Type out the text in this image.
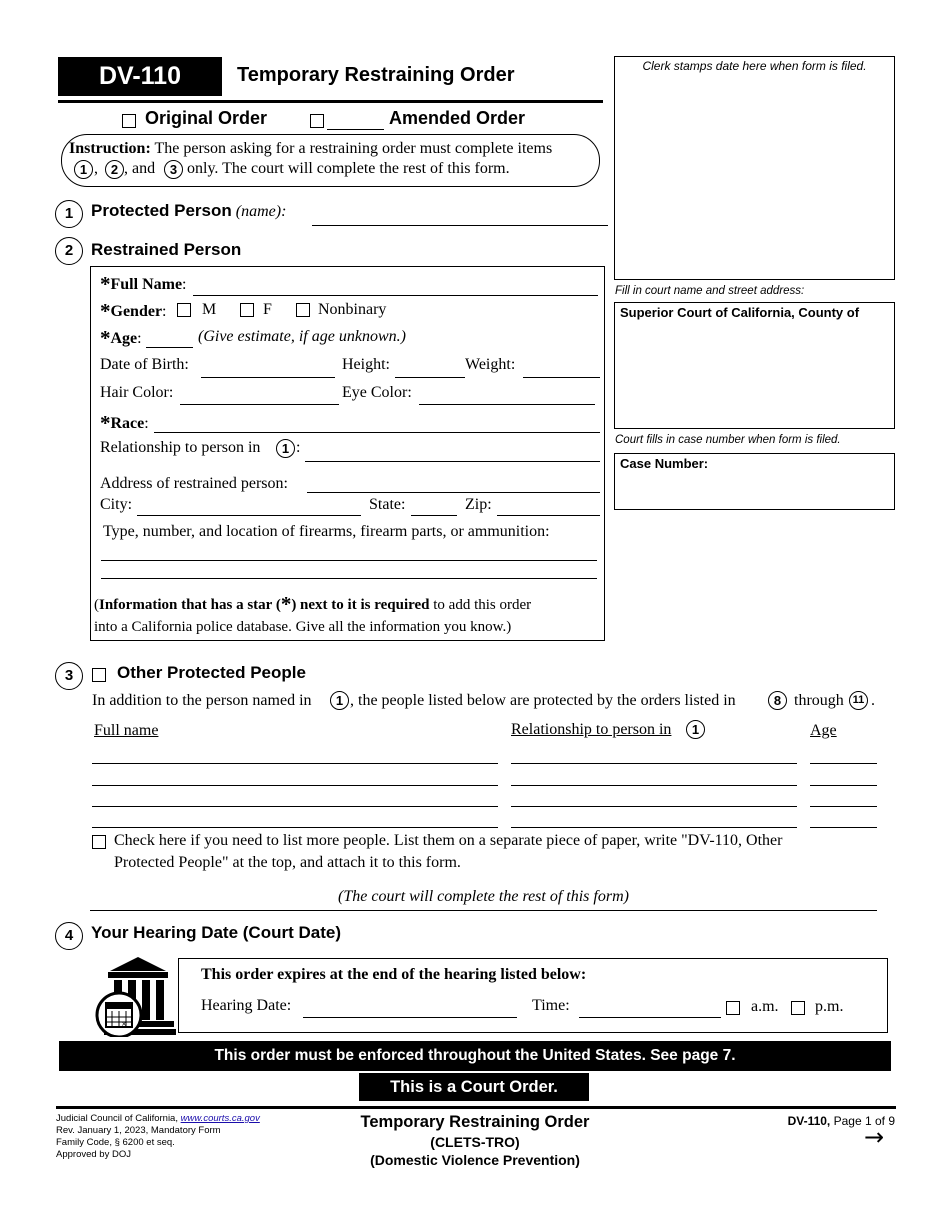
DV-110	Temporary Restraining Order
Original Order	Amended Order
Instruction: The person asking for a restraining order must complete items
1 , 2 , and	3 only. The court will complete the rest of this form.
Clerk stamps date here when form is filed.
Fill in court name and street address:
Superior Court of California, County of
Court fills in case number when form is filed.
Case Number:
1	Protected Person (name):
2	Restrained Person
*Full Name:
*Gender: M	F	Nonbinary
*Age:	(Give estimate, if age unknown.)
Date of Birth:	Height:	Weight:
Hair Color:	Eye Color:
*Race:
Relationship to person in	1 :
Address of restrained person:
City:	State:	Zip:
Type, number, and location of firearms, firearm parts, or ammunition:
(Information that has a star (*) next to it is required to add this order
into a California police database. Give all the information you know.)
3	Other Protected People
In addition to the person named in	1 , the people listed below are protected by the orders listed in	8 through 11 .
Full name	Relationship to person in	1	Age
Check here if you need to list more people. List them on a separate piece of paper, write "DV-110, Other
Protected People" at the top, and attach it to this form.
(The court will complete the rest of this form)
4	Your Hearing Date (Court Date)
×
This order expires at the end of the hearing listed below:
Hearing Date:	Time:	a.m. p.m.
This order must be enforced throughout the United States. See page 7.
This is a Court Order.
Judicial Council of California, www.courts.ca.gov
Rev. January 1, 2023, Mandatory Form
Family Code, § 6200 et seq.
Approved by DOJ
Temporary Restraining Order
(CLETS-TRO)
(Domestic Violence Prevention)
DV-110, Page 1 of 9
→
